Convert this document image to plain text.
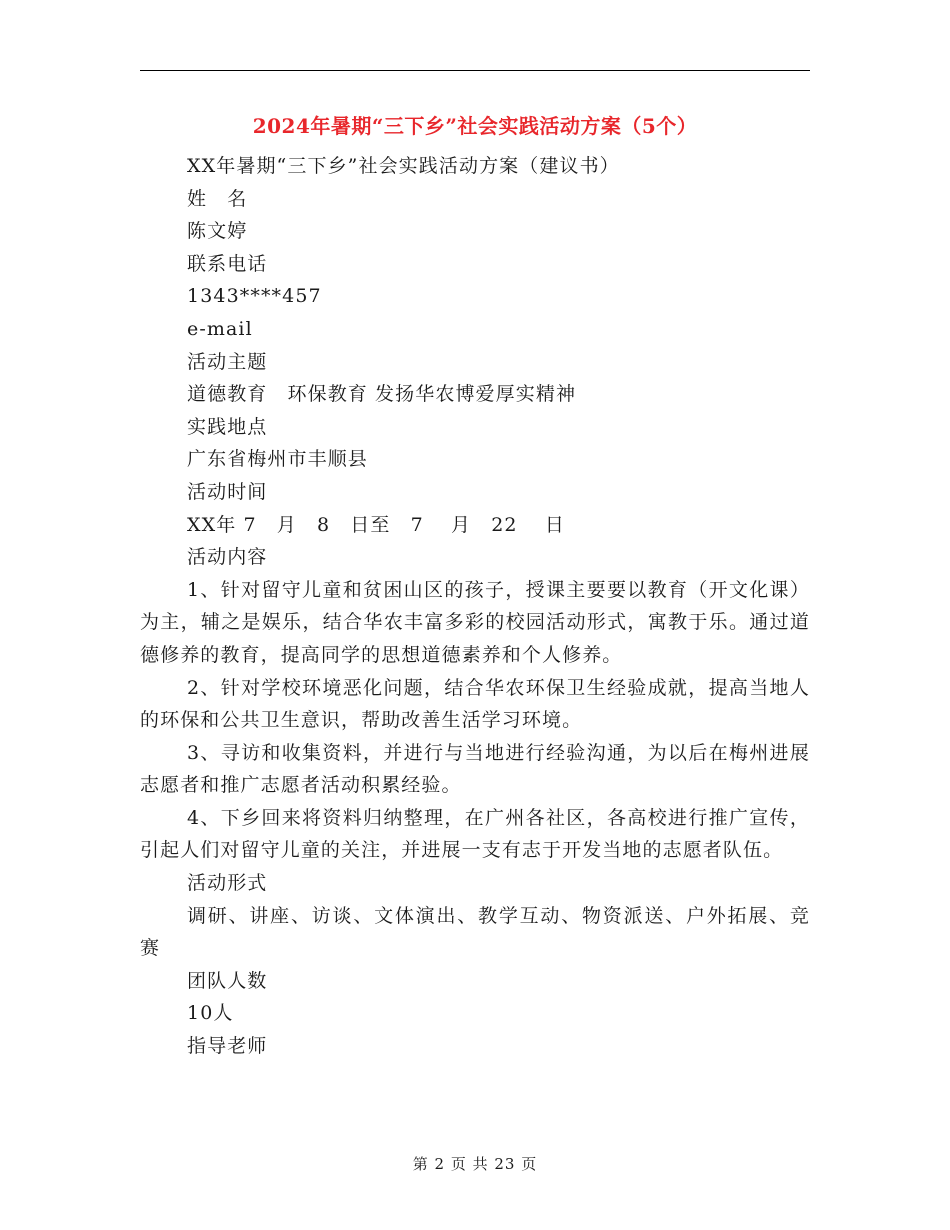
2024年暑期“三下乡”社会实践活动方案（5个）

XX年暑期“三下乡”社会实践活动方案（建议书）

姓　名

陈文婷

联系电话

1343****457

e-mail

活动主题

道德教育　环保教育 发扬华农博爱厚实精神

实践地点

广东省梅州市丰顺县

活动时间

XX年 7　月　8　日至　7　 月　22　 日

活动内容

1、针对留守儿童和贫困山区的孩子，授课主要要以教育（开文化课）为主，辅之是娱乐，结合华农丰富多彩的校园活动形式，寓教于乐。通过道德修养的教育，提高同学的思想道德素养和个人修养。

2、针对学校环境恶化问题，结合华农环保卫生经验成就，提高当地人的环保和公共卫生意识，帮助改善生活学习环境。

3、寻访和收集资料，并进行与当地进行经验沟通，为以后在梅州进展志愿者和推广志愿者活动积累经验。

4、下乡回来将资料归纳整理，在广州各社区，各高校进行推广宣传，引起人们对留守儿童的关注，并进展一支有志于开发当地的志愿者队伍。

活动形式

调研、讲座、访谈、文体演出、教学互动、物资派送、户外拓展、竞赛

团队人数

10人

指导老师

第 2 页 共 23 页
